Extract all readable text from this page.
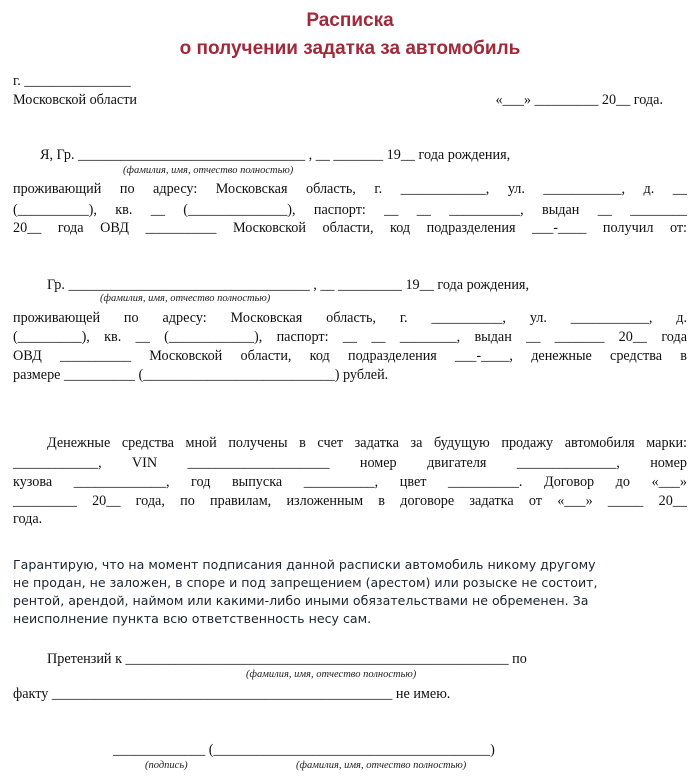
Расписка
о получении задатка за автомобиль

г. _______________

Московской области	«___» _________ 20__ года.

Я, Гр. ________________________________ , __ _______ 19__ года рождения,

(фамилия, имя, отчество полностью)

проживающий по адресу: Московская область, г. ____________, ул. ___________, д. __

(__________), кв. __ (______________), паспорт: __ __ __________, выдан __ ________

20__ года ОВД __________ Московской области, код подразделения ___-____ получил от:

Гр. __________________________________ , __ _________ 19__ года рождения,

(фамилия, имя, отчество полностью)

проживающей по адресу: Московская область, г. __________, ул. ___________, д.

(_________), кв. __ (____________), паспорт: __ __ ________, выдан __ _______ 20__ года

ОВД __________ Московской области, код подразделения ___-____, денежные средства в

размере __________ (___________________________) рублей.

Денежные средства мной получены в счет задатка за будущую продажу автомобиля марки:

____________, VIN ____________________ номер двигателя ______________, номер

кузова _____________, год выпуска __________, цвет __________. Договор до «___»

_________ 20__ года, по правилам, изложенным в договоре задатка от «___» _____ 20__

года.

Гарантирую, что на момент подписания данной расписки автомобиль никому другому

не продан, не заложен, в споре и под запрещением (арестом) или розыске не состоит,

рентой, арендой, наймом или какими-либо иными обязательствами не обременен. За

неисполнение пункта всю ответственность несу сам.

Претензий к ______________________________________________________ по

(фамилия, имя, отчество полностью)

факту ________________________________________________ не имею.

_____________ (_______________________________________)

(подпись)	(фамилия, имя, отчество полностью)
